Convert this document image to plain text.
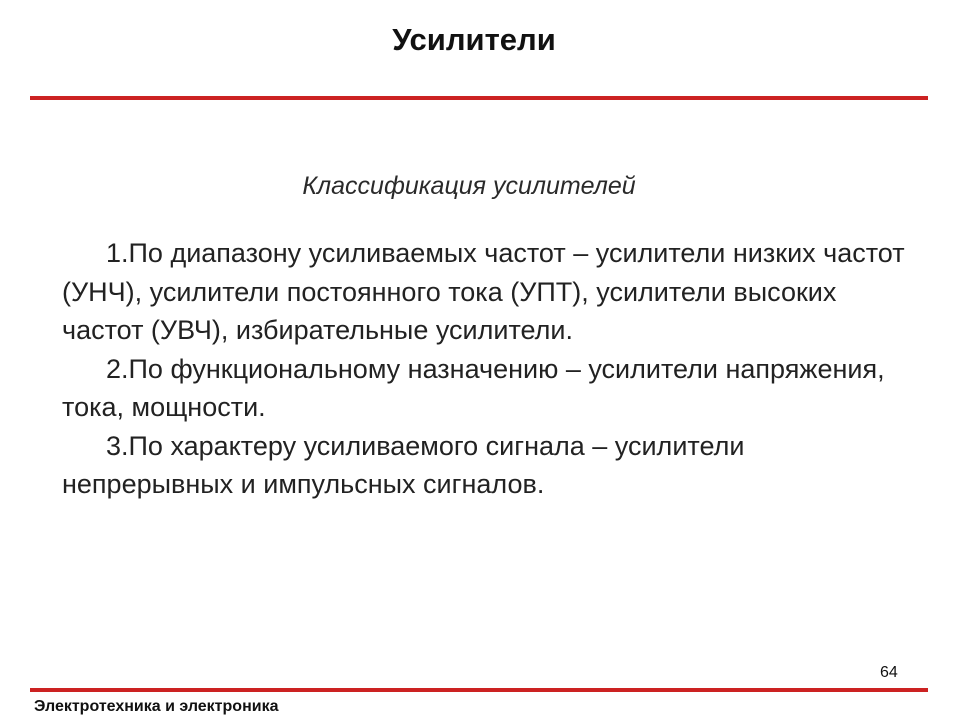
Усилители
Классификация усилителей

1.По диапазону усиливаемых частот – усилители низких частот (УНЧ), усилители постоянного тока (УПТ), усилители высоких частот (УВЧ), избирательные усилители.

2.По функциональному назначению – усилители напряжения, тока, мощности.

3.По характеру усиливаемого сигнала – усилители непрерывных и импульсных сигналов.

64
Электротехника и электроника
